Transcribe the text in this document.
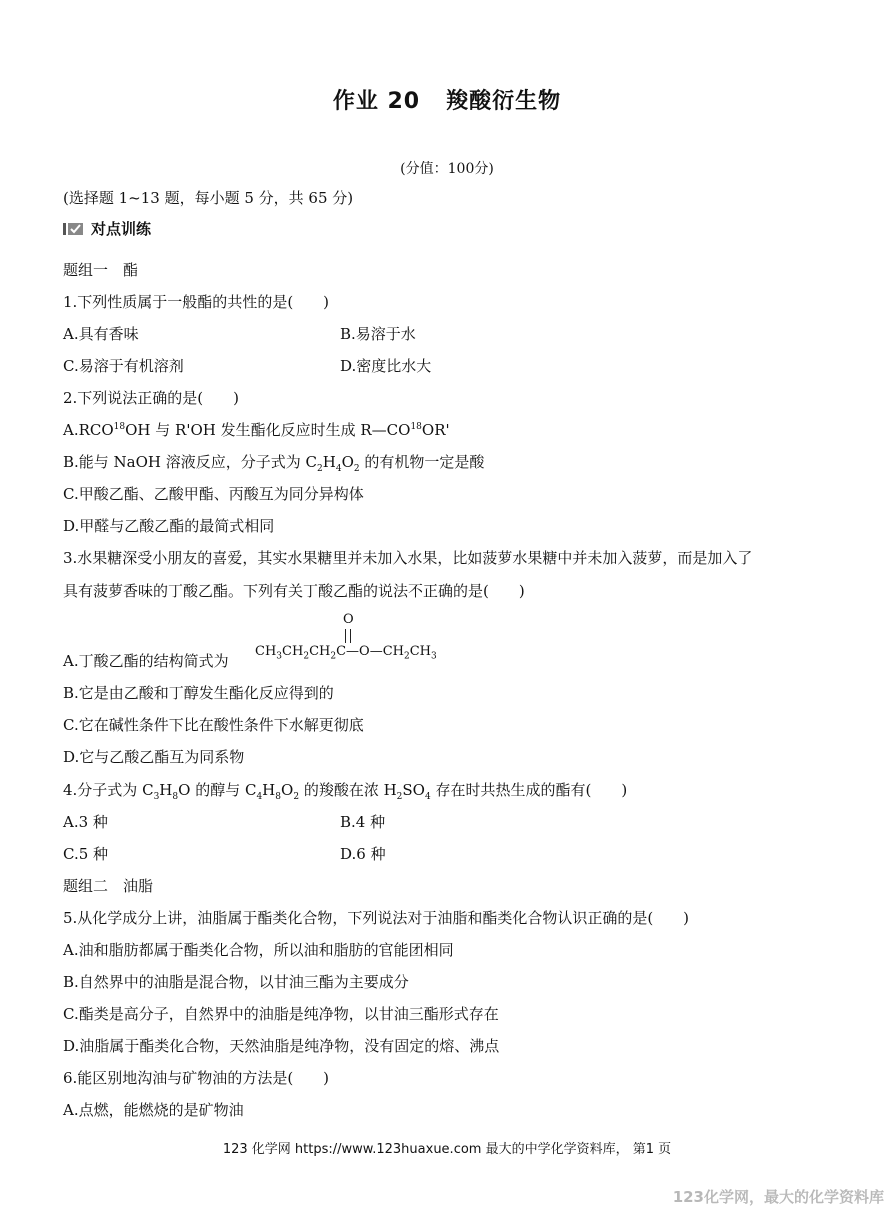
作业 20 羧酸衍生物
(分值：100分)
(选择题 1~13 题，每小题 5 分，共 65 分)
对点训练
题组一　酯
1.下列性质属于一般酯的共性的是(　　)
A.具有香味	B.易溶于水
C.易溶于有机溶剂	D.密度比水大
2.下列说法正确的是(　　)
A.RCO$^{18}$OH 与 R'OH 发生酯化反应时生成 R—CO$^{18}$OR'
B.能与 NaOH 溶液反应，分子式为 $C_2H_4O_2$ 的有机物一定是酸
C.甲酸乙酯、乙酸甲酯、丙酸互为同分异构体
D.甲醛与乙酸乙酯的最简式相同
3.水果糖深受小朋友的喜爱，其实水果糖里并未加入水果，比如菠萝水果糖中并未加入菠萝，而是加入了
具有菠萝香味的丁酸乙酯。下列有关丁酸乙酯的说法不正确的是(　　)
A.丁酸乙酯的结构简式为
O
$CH_3CH_2CH_2C—O—CH_2CH_3$
B.它是由乙酸和丁醇发生酯化反应得到的
C.它在碱性条件下比在酸性条件下水解更彻底
D.它与乙酸乙酯互为同系物
4.分子式为 $C_3H_8O$ 的醇与 $C_4H_8O_2$ 的羧酸在浓 $H_2SO_4$ 存在时共热生成的酯有(　　)
A.3 种	B.4 种
C.5 种	D.6 种
题组二　油脂
5.从化学成分上讲，油脂属于酯类化合物，下列说法对于油脂和酯类化合物认识正确的是(　　)
A.油和脂肪都属于酯类化合物，所以油和脂肪的官能团相同
B.自然界中的油脂是混合物，以甘油三酯为主要成分
C.酯类是高分子，自然界中的油脂是纯净物，以甘油三酯形式存在
D.油脂属于酯类化合物，天然油脂是纯净物，没有固定的熔、沸点
6.能区别地沟油与矿物油的方法是(　　)
A.点燃，能燃烧的是矿物油
123 化学网 https://www.123huaxue.com 最大的中学化学资料库， 第1 页
123化学网，最大的化学资料库
